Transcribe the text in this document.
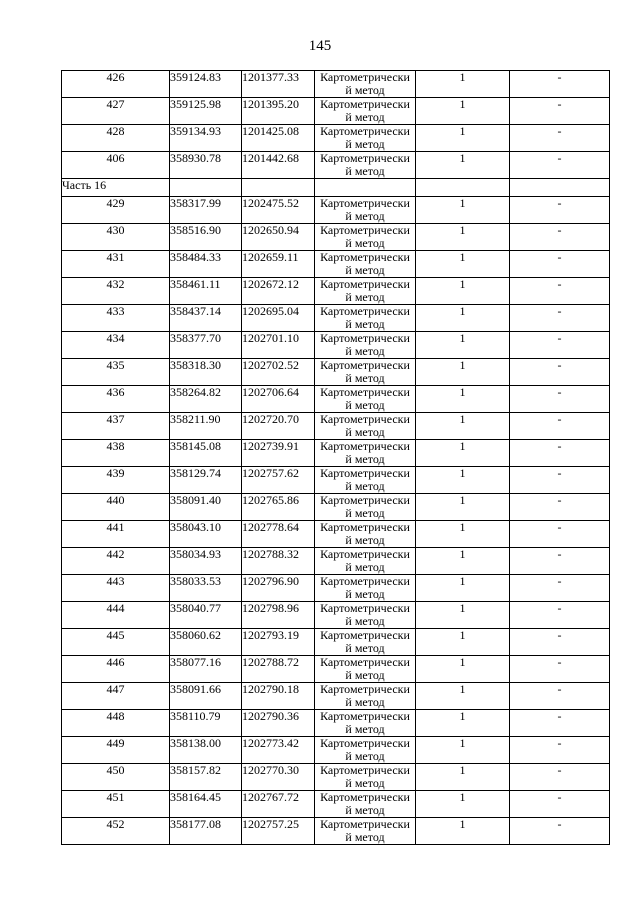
145
426	359124.83	1201377.33	Картометрически
й метод	1	-
427	359125.98	1201395.20	Картометрически
й метод	1	-
428	359134.93	1201425.08	Картометрически
й метод	1	-
406	358930.78	1201442.68	Картометрически
й метод	1	-
Часть 16					
429	358317.99	1202475.52	Картометрически
й метод	1	-
430	358516.90	1202650.94	Картометрически
й метод	1	-
431	358484.33	1202659.11	Картометрически
й метод	1	-
432	358461.11	1202672.12	Картометрически
й метод	1	-
433	358437.14	1202695.04	Картометрически
й метод	1	-
434	358377.70	1202701.10	Картометрически
й метод	1	-
435	358318.30	1202702.52	Картометрически
й метод	1	-
436	358264.82	1202706.64	Картометрически
й метод	1	-
437	358211.90	1202720.70	Картометрически
й метод	1	-
438	358145.08	1202739.91	Картометрически
й метод	1	-
439	358129.74	1202757.62	Картометрически
й метод	1	-
440	358091.40	1202765.86	Картометрически
й метод	1	-
441	358043.10	1202778.64	Картометрически
й метод	1	-
442	358034.93	1202788.32	Картометрически
й метод	1	-
443	358033.53	1202796.90	Картометрически
й метод	1	-
444	358040.77	1202798.96	Картометрически
й метод	1	-
445	358060.62	1202793.19	Картометрически
й метод	1	-
446	358077.16	1202788.72	Картометрически
й метод	1	-
447	358091.66	1202790.18	Картометрически
й метод	1	-
448	358110.79	1202790.36	Картометрически
й метод	1	-
449	358138.00	1202773.42	Картометрически
й метод	1	-
450	358157.82	1202770.30	Картометрически
й метод	1	-
451	358164.45	1202767.72	Картометрически
й метод	1	-
452	358177.08	1202757.25	Картометрически
й метод	1	-
